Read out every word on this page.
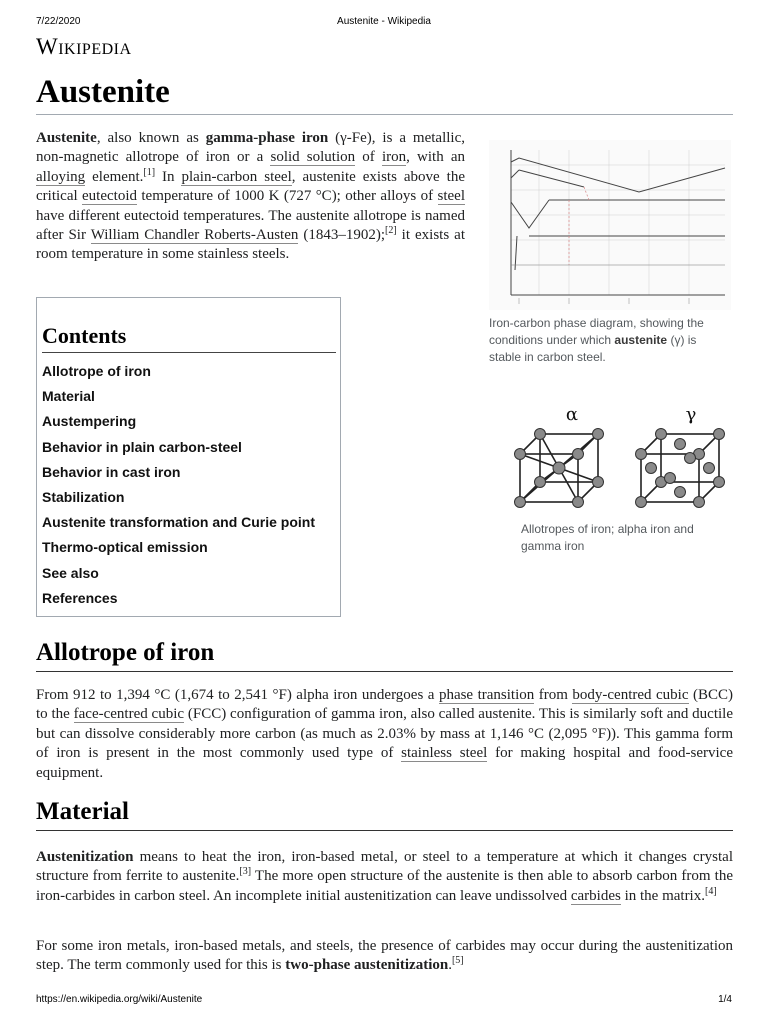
7/22/2020	Austenite - Wikipedia
Wikipedia
Austenite

Austenite, also known as gamma-phase iron (γ-Fe), is a metallic, non-magnetic allotrope of iron or a solid solution of iron, with an alloying element.[1] In plain-carbon steel, austenite exists above the critical eutectoid temperature of 1000 K (727 °C); other alloys of steel have different eutectoid temperatures. The austenite allotrope is named after Sir William Chandler Roberts-Austen (1843–1902);[2] it exists at room temperature in some stainless steels.

Contents
Allotrope of iron
Material
Austempering
Behavior in plain carbon-steel
Behavior in cast iron
Stabilization
Austenite transformation and Curie point
Thermo-optical emission
See also
References

Iron-carbon phase diagram, showing the conditions under which austenite (γ) is stable in carbon steel.

α	γ

Allotropes of iron; alpha iron and gamma iron

Allotrope of iron

From 912 to 1,394 °C (1,674 to 2,541 °F) alpha iron undergoes a phase transition from body-centred cubic (BCC) to the face-centred cubic (FCC) configuration of gamma iron, also called austenite. This is similarly soft and ductile but can dissolve considerably more carbon (as much as 2.03% by mass at 1,146 °C (2,095 °F)). This gamma form of iron is present in the most commonly used type of stainless steel for making hospital and food-service equipment.

Material

Austenitization means to heat the iron, iron-based metal, or steel to a temperature at which it changes crystal structure from ferrite to austenite.[3] The more open structure of the austenite is then able to absorb carbon from the iron-carbides in carbon steel. An incomplete initial austenitization can leave undissolved carbides in the matrix.[4]

For some iron metals, iron-based metals, and steels, the presence of carbides may occur during the austenitization step. The term commonly used for this is two-phase austenitization.[5]

https://en.wikipedia.org/wiki/Austenite	1/4
